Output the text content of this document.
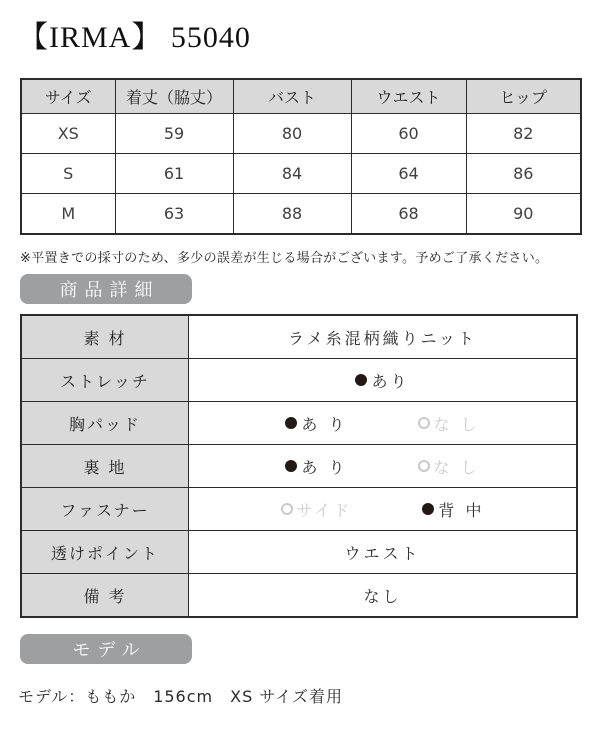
【IRMA】 55040
サイズ	着丈（脇丈）	バスト	ウエスト	ヒップ
XS	59	80	60	82
S	61	84	64	86
M	63	88	68	90

※平置きでの採寸のため、多少の誤差が生じる場合がございます。予めご了承ください。

商品詳細
素 材	ラメ糸混柄織りニット
ストレッチ	あり

胸パッド	あ り な し

裏 地	あ り な し

ファスナー	サイド 背 中

透けポイント	ウエスト
備 考	なし
モデル

モデル：ももか　156cm　XS サイズ着用
